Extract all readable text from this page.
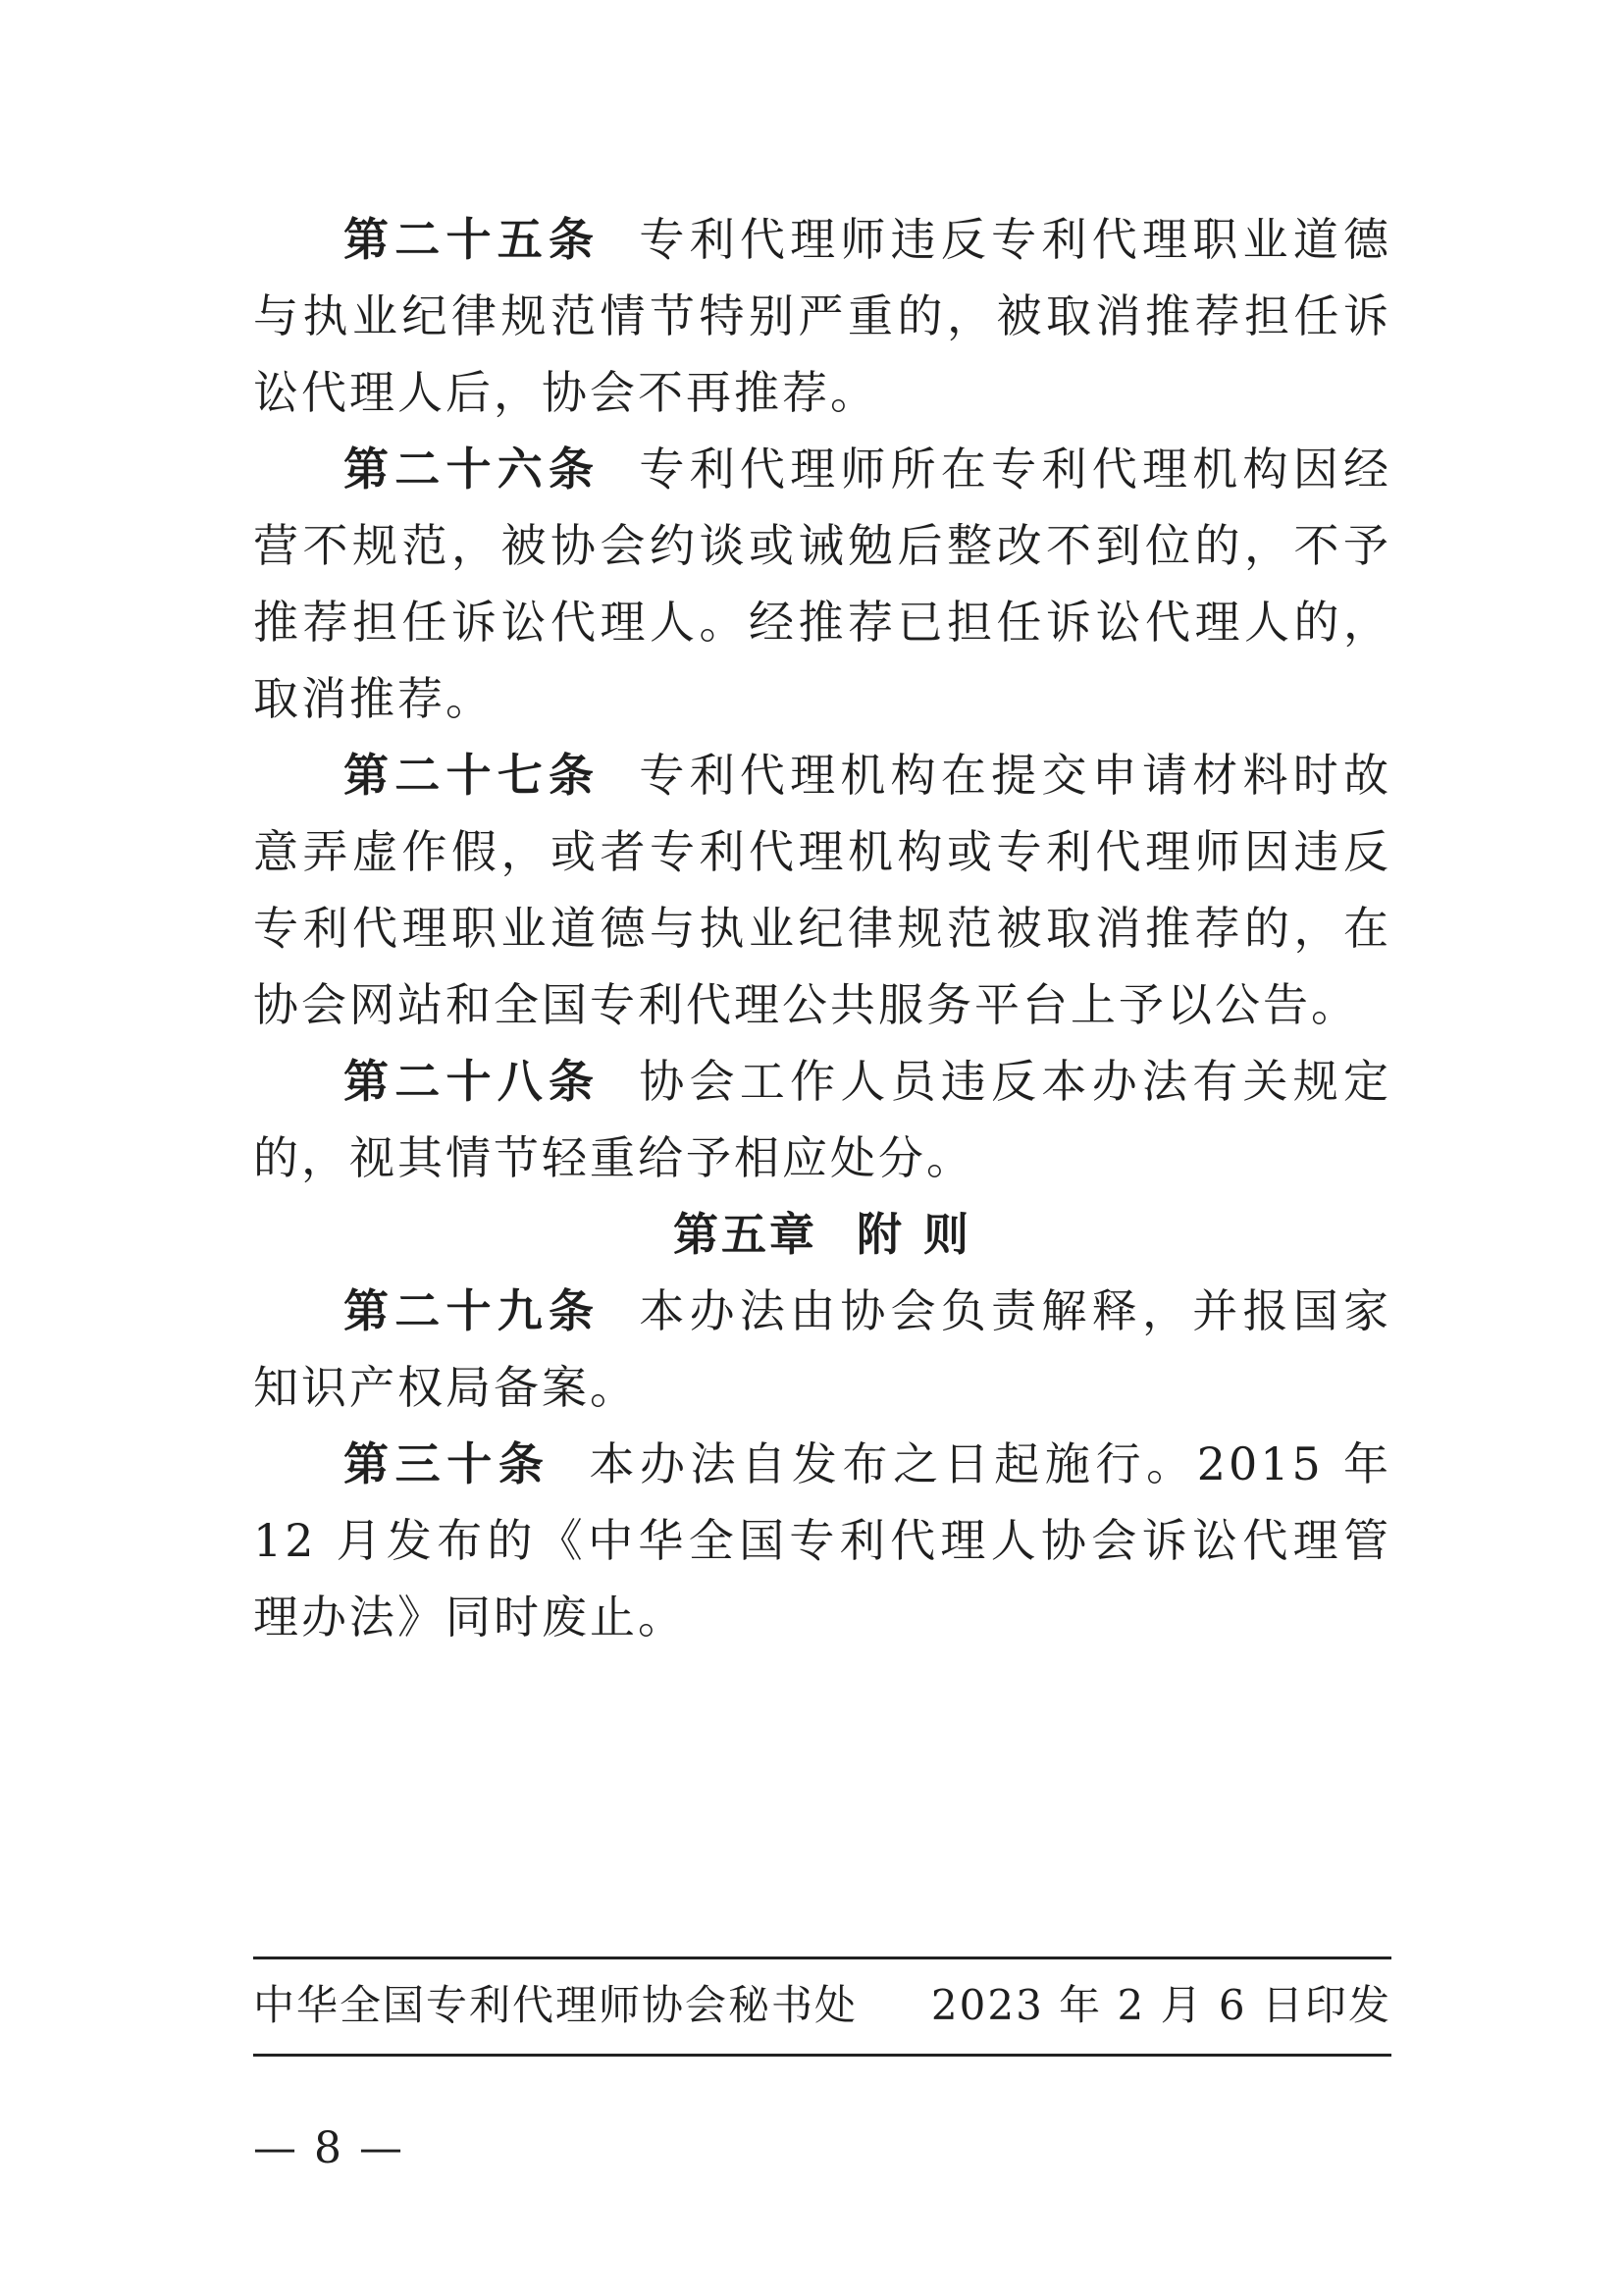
第二十五条 专利代理师违反专利代理职业道德与执业纪律规范情节特别严重的，被取消推荐担任诉讼代理人后，协会不再推荐。

第二十六条 专利代理师所在专利代理机构因经营不规范，被协会约谈或诫勉后整改不到位的，不予推荐担任诉讼代理人。经推荐已担任诉讼代理人的，取消推荐。

第二十七条 专利代理机构在提交申请材料时故意弄虚作假，或者专利代理机构或专利代理师因违反专利代理职业道德与执业纪律规范被取消推荐的，在协会网站和全国专利代理公共服务平台上予以公告。

第二十八条 协会工作人员违反本办法有关规定的，视其情节轻重给予相应处分。

第五章 附 则

第二十九条 本办法由协会负责解释，并报国家知识产权局备案。

第三十条 本办法自发布之日起施行。2015 年 12 月发布的《中华全国专利代理人协会诉讼代理管理办法》同时废止。

中华全国专利代理师协会秘书处 2023 年 2 月 6 日印发
— 8 —
